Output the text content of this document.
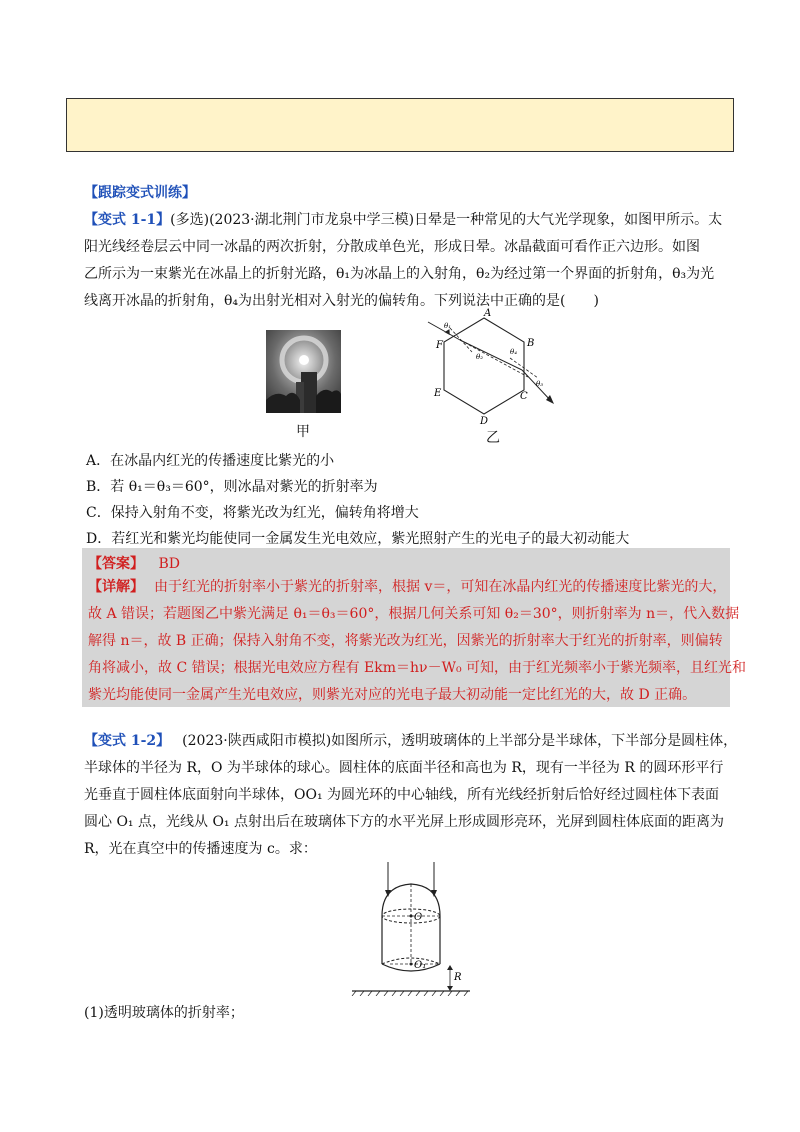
【跟踪变式训练】
【变式 1-1】(多选)(2023·湖北荆门市龙泉中学三模)日晕是一种常见的大气光学现象，如图甲所示。太
阳光线经卷层云中同一冰晶的两次折射，分散成单色光，形成日晕。冰晶截面可看作正六边形。如图
乙所示为一束紫光在冰晶上的折射光路，θ₁为冰晶上的入射角，θ₂为经过第一个界面的折射角，θ₃为光
线离开冰晶的折射角，θ₄为出射光相对入射光的偏转角。下列说法中正确的是(　　)
甲
A
B
C
D
E
F
θ₁
θ₂
θ₄
θ₃
乙
A．在冰晶内红光的传播速度比紫光的小
B．若 θ₁＝θ₃＝60°，则冰晶对紫光的折射率为
C．保持入射角不变，将紫光改为红光，偏转角将增大
D．若红光和紫光均能使同一金属发生光电效应，紫光照射产生的光电子的最大初动能大
【答案】 BD
【详解】 由于红光的折射率小于紫光的折射率，根据 v＝，可知在冰晶内红光的传播速度比紫光的大，
故 A 错误；若题图乙中紫光满足 θ₁＝θ₃＝60°，根据几何关系可知 θ₂＝30°，则折射率为 n＝，代入数据
解得 n＝，故 B 正确；保持入射角不变，将紫光改为红光，因紫光的折射率大于红光的折射率，则偏转
角将减小，故 C 错误；根据光电效应方程有 Ekm＝hν－W₀ 可知，由于红光频率小于紫光频率，且红光和
紫光均能使同一金属产生光电效应，则紫光对应的光电子最大初动能一定比红光的大，故 D 正确。
【变式 1-2】 (2023·陕西咸阳市模拟)如图所示，透明玻璃体的上半部分是半球体，下半部分是圆柱体，
半球体的半径为 R，O 为半球体的球心。圆柱体的底面半径和高也为 R，现有一半径为 R 的圆环形平行
光垂直于圆柱体底面射向半球体，OO₁ 为圆光环的中心轴线，所有光线经折射后恰好经过圆柱体下表面
圆心 O₁ 点，光线从 O₁ 点射出后在玻璃体下方的水平光屏上形成圆形亮环，光屏到圆柱体底面的距离为
R，光在真空中的传播速度为 c。求：
O
O₁
R
(1)透明玻璃体的折射率；
